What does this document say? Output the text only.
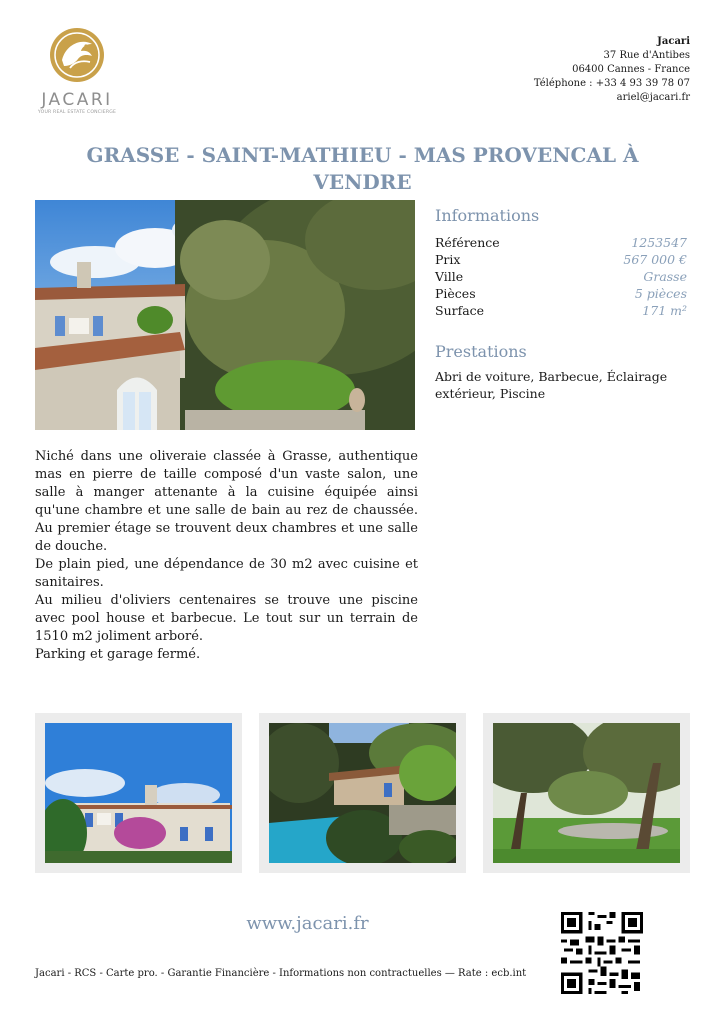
JACARI
YOUR REAL ESTATE CONCIERGE
Jacari
37 Rue d'Antibes
06400 Cannes - France
Téléphone : +33 4 93 39 78 07
ariel@jacari.fr
GRASSE - SAINT-MATHIEU - MAS PROVENCAL À VENDRE
Informations
Référence	1253547
Prix	567 000 €
Ville	Grasse
Pièces	5 pièces
Surface	171 m²
Prestations
Abri de voiture, Barbecue, Éclairage extérieur, Piscine

Niché dans une oliveraie classée à Grasse, authentique mas en pierre de taille composé d'un vaste salon, une salle à manger attenante à la cuisine équipée ainsi qu'une chambre et une salle de bain au rez de chaussée. Au premier étage se trouvent deux chambres et une salle de douche.

De plain pied, une dépendance de 30 m2 avec cuisine et sanitaires.

Au milieu d'oliviers centenaires se trouve une piscine avec pool house et barbecue. Le tout sur un terrain de 1510 m2 joliment arboré.

Parking et garage fermé.

www.jacari.fr
Jacari - RCS - Carte pro. - Garantie Financière - Informations non contractuelles — Rate : ecb.int
